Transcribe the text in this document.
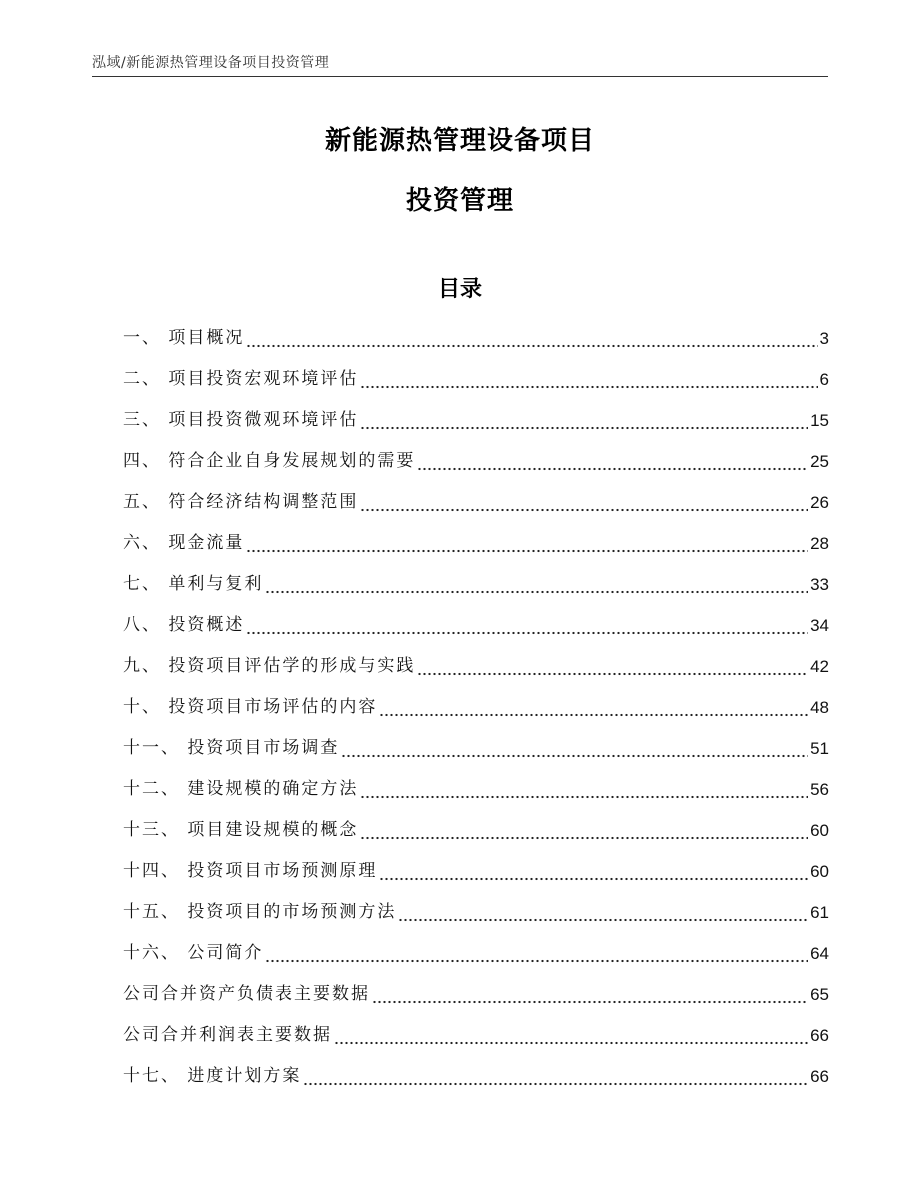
泓域/新能源热管理设备项目投资管理
新能源热管理设备项目
投资管理
目录
一、 项目概况	3
二、 项目投资宏观环境评估	6
三、 项目投资微观环境评估	15
四、 符合企业自身发展规划的需要	25
五、 符合经济结构调整范围	26
六、 现金流量	28
七、 单利与复利	33
八、 投资概述	34
九、 投资项目评估学的形成与实践	42
十、 投资项目市场评估的内容	48
十一、 投资项目市场调查	51
十二、 建设规模的确定方法	56
十三、 项目建设规模的概念	60
十四、 投资项目市场预测原理	60
十五、 投资项目的市场预测方法	61
十六、 公司简介	64
公司合并资产负债表主要数据	65
公司合并利润表主要数据	66
十七、 进度计划方案	66
